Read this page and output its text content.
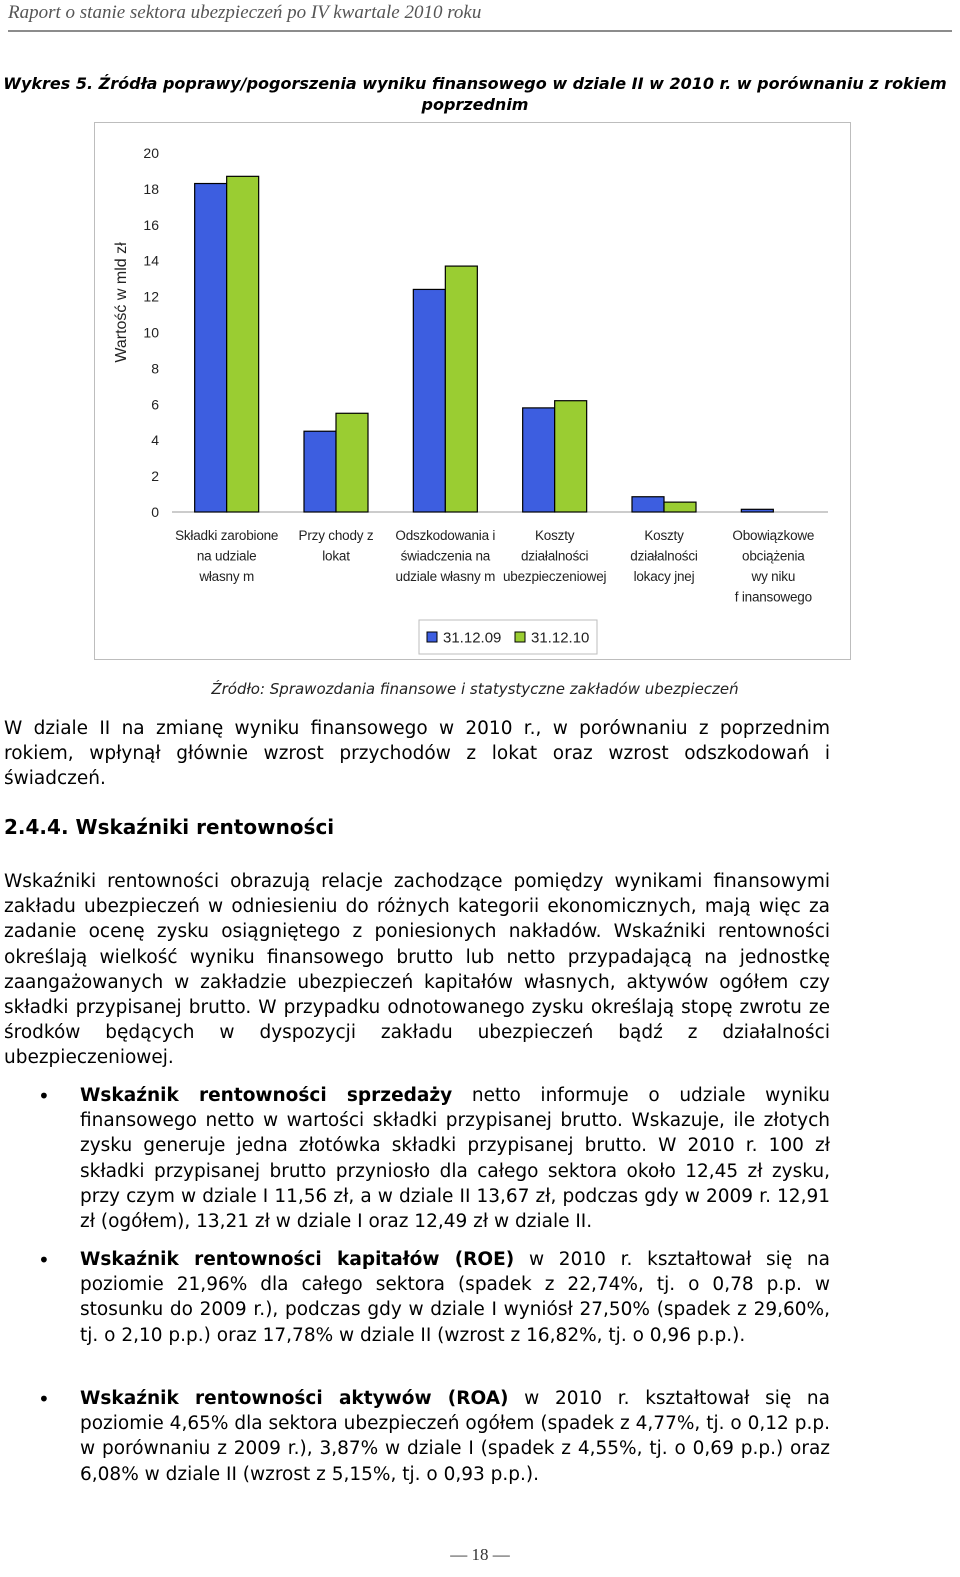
Raport o stanie sektora ubezpieczeń po IV kwartale 2010 roku
Wykres 5. Źródła poprawy/pogorszenia wyniku finansowego w dziale II w 2010 r. w porównaniu z rokiem
poprzednim
0
2
4
6
8
10
12
14
16
18
20
Wartość w mld zł
Składki zarobione
na udziale
własny m
Przy chody z
lokat
Odszkodowania i
świadczenia na
udziale własny m
Koszty
działalności
ubezpieczeniowej
Koszty
działalności
lokacy jnej
Obowiązkowe
obciążenia
wy niku
f inansowego
31.12.09 31.12.10
Źródło: Sprawozdania finansowe i statystyczne zakładów ubezpieczeń

W dziale II na zmianę wyniku finansowego w 2010 r., w porównaniu z poprzednim rokiem, wpłynął głównie wzrost przychodów z lokat oraz wzrost odszkodowań i świadczeń.

2.4.4. Wskaźniki rentowności

Wskaźniki rentowności obrazują relacje zachodzące pomiędzy wynikami finansowymi zakładu ubezpieczeń w odniesieniu do różnych kategorii ekonomicznych, mają więc za zadanie ocenę zysku osiągniętego z poniesionych nakładów. Wskaźniki rentowności określają wielkość wyniku finansowego brutto lub netto przypadającą na jednostkę zaangażowanych w zakładzie ubezpieczeń kapitałów własnych, aktywów ogółem czy składki przypisanej brutto. W przypadku odnotowanego zysku określają stopę zwrotu ze środków będących w dyspozycji zakładu ubezpieczeń bądź z działalności ubezpieczeniowej.

• Wskaźnik rentowności sprzedaży netto informuje o udziale wyniku finansowego netto w wartości składki przypisanej brutto. Wskazuje, ile złotych zysku generuje jedna złotówka składki przypisanej brutto. W 2010 r. 100 zł składki przypisanej brutto przyniosło dla całego sektora około 12,45 zł zysku, przy czym w dziale I 11,56 zł, a w dziale II 13,67 zł, podczas gdy w 2009 r. 12,91 zł (ogółem), 13,21 zł w dziale I oraz 12,49 zł w dziale II.

• Wskaźnik rentowności kapitałów (ROE) w 2010 r. kształtował się na poziomie 21,96% dla całego sektora (spadek z 22,74%, tj. o 0,78 p.p. w stosunku do 2009 r.), podczas gdy w dziale I wyniósł 27,50% (spadek z 29,60%, tj. o 2,10 p.p.) oraz 17,78% w dziale II (wzrost z 16,82%, tj. o 0,96 p.p.).

• Wskaźnik rentowności aktywów (ROA) w 2010 r. kształtował się na poziomie 4,65% dla sektora ubezpieczeń ogółem (spadek z 4,77%, tj. o 0,12 p.p. w porównaniu z 2009 r.), 3,87% w dziale I (spadek z 4,55%, tj. o 0,69 p.p.) oraz 6,08% w dziale II (wzrost z 5,15%, tj. o 0,93 p.p.).

— 18 —
